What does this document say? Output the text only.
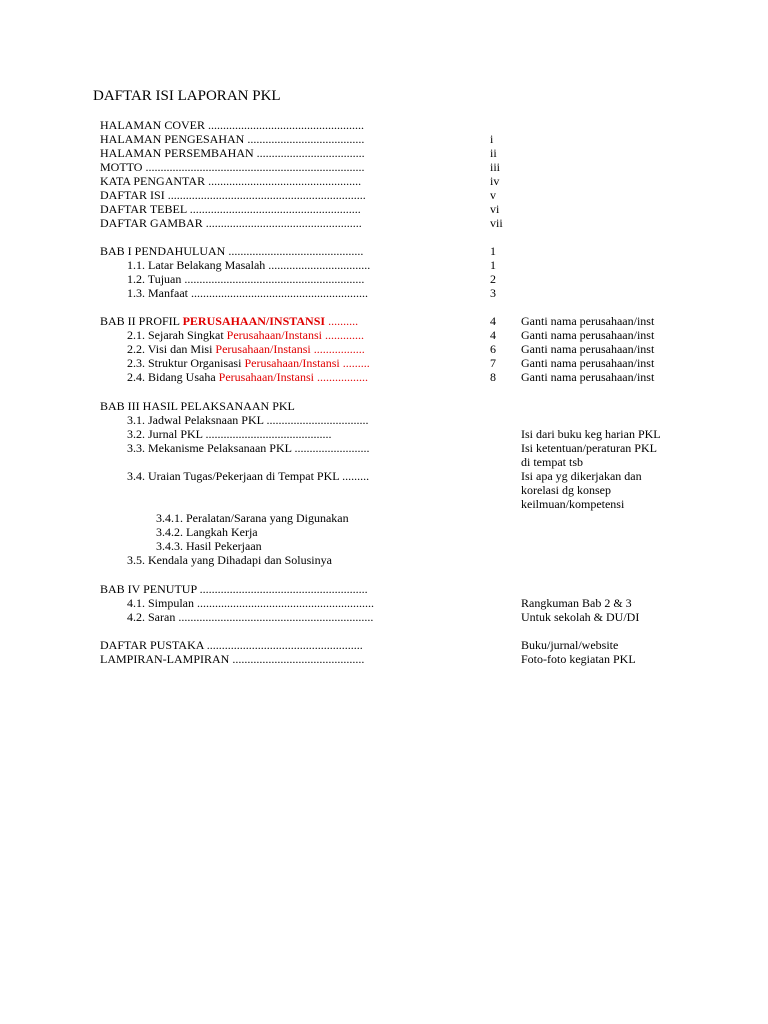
DAFTAR ISI LAPORAN PKL
HALAMAN COVER ....................................................
HALAMAN PENGESAHAN .......................................	i
HALAMAN PERSEMBAHAN ....................................	ii
MOTTO .........................................................................	iii
KATA PENGANTAR ...................................................	iv
DAFTAR ISI ..................................................................	v
DAFTAR TEBEL .........................................................	vi
DAFTAR GAMBAR ....................................................	vii
BAB I PENDAHULUAN .............................................	1
1.1. Latar Belakang Masalah ..................................	1
1.2. Tujuan ............................................................	2
1.3. Manfaat ...........................................................	3
BAB II PROFIL PERUSAHAAN/INSTANSI ..........	4 Ganti nama perusahaan/inst
2.1. Sejarah Singkat Perusahaan/Instansi .............	4 Ganti nama perusahaan/inst
2.2. Visi dan Misi Perusahaan/Instansi .................	6 Ganti nama perusahaan/inst
2.3. Struktur Organisasi Perusahaan/Instansi .........	7 Ganti nama perusahaan/inst
2.4. Bidang Usaha Perusahaan/Instansi .................	8 Ganti nama perusahaan/inst
BAB III HASIL PELAKSANAAN PKL
3.1. Jadwal Pelaksnaan PKL ..................................
3.2. Jurnal PKL ..........................................	Isi dari buku keg harian PKL
3.3. Mekanisme Pelaksanaan PKL .........................	Isi ketentuan/peraturan PKL
di tempat tsb
3.4. Uraian Tugas/Pekerjaan di Tempat PKL .........	Isi apa yg dikerjakan dan
korelasi dg konsep
keilmuan/kompetensi
3.4.1. Peralatan/Sarana yang Digunakan
3.4.2. Langkah Kerja
3.4.3. Hasil Pekerjaan
3.5. Kendala yang Dihadapi dan Solusinya
BAB IV PENUTUP ........................................................
4.1. Simpulan ...........................................................	Rangkuman Bab 2 & 3
4.2. Saran .................................................................	Untuk sekolah & DU/DI
DAFTAR PUSTAKA ....................................................	Buku/jurnal/website
LAMPIRAN-LAMPIRAN ............................................	Foto-foto kegiatan PKL
